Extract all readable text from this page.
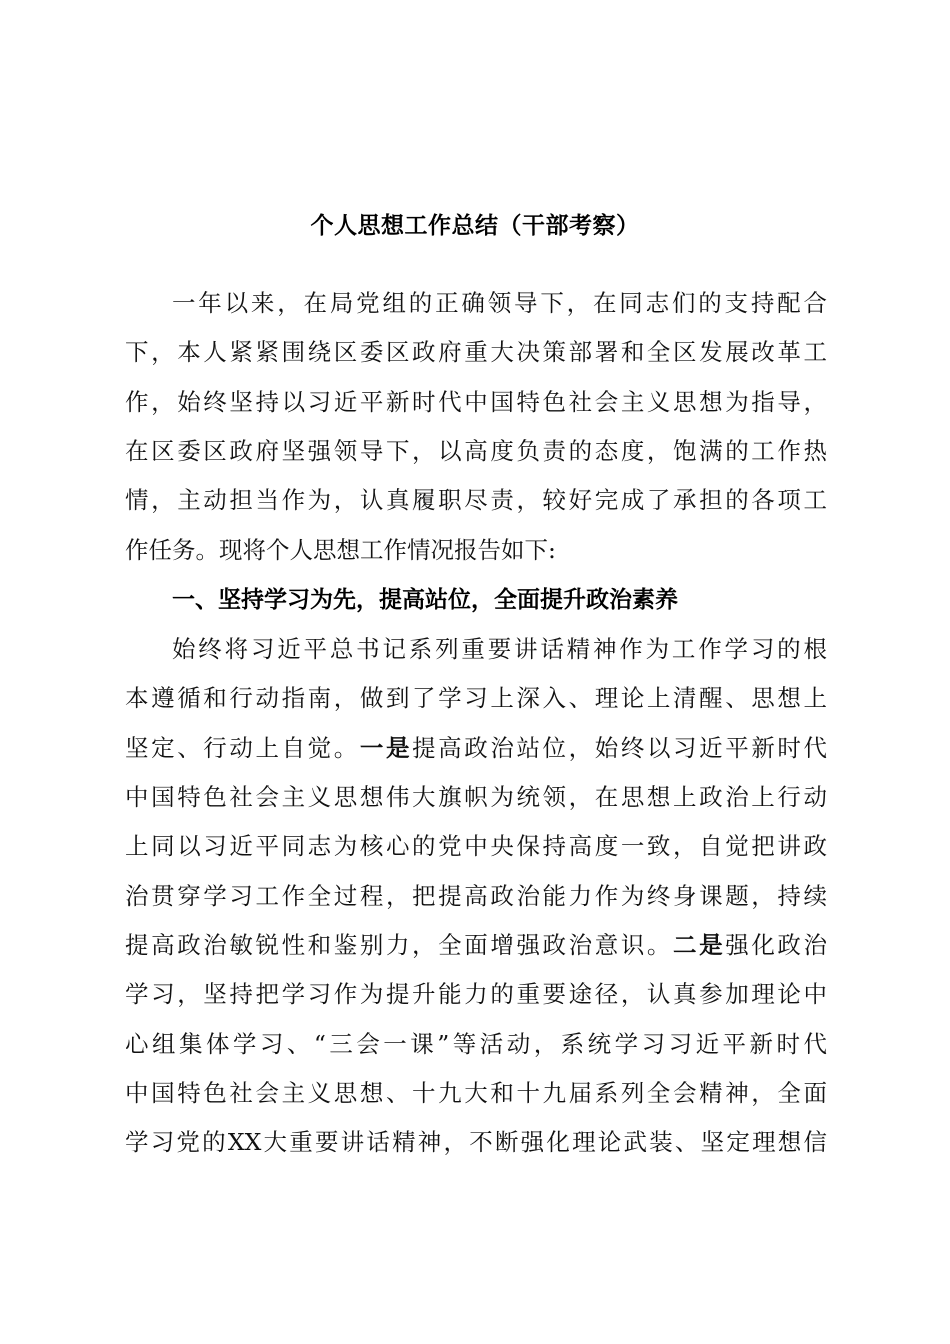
个人思想工作总结（干部考察）
一年以来，在局党组的正确领导下，在同志们的支持配合
下，本人紧紧围绕区委区政府重大决策部署和全区发展改革工
作，始终坚持以习近平新时代中国特色社会主义思想为指导，
在区委区政府坚强领导下，以高度负责的态度，饱满的工作热
情，主动担当作为，认真履职尽责，较好完成了承担的各项工
作任务。现将个人思想工作情况报告如下:
一、坚持学习为先，提高站位，全面提升政治素养
始终将习近平总书记系列重要讲话精神作为工作学习的根
本遵循和行动指南，做到了学习上深入、理论上清醒、思想上
坚定、行动上自觉。一是提高政治站位，始终以习近平新时代
中国特色社会主义思想伟大旗帜为统领，在思想上政治上行动
上同以习近平同志为核心的党中央保持高度一致，自觉把讲政
治贯穿学习工作全过程，把提高政治能力作为终身课题，持续
提高政治敏锐性和鉴别力，全面增强政治意识。二是强化政治
学习，坚持把学习作为提升能力的重要途径，认真参加理论中
心组集体学习、“三会一课”等活动，系统学习习近平新时代
中国特色社会主义思想、十九大和十九届系列全会精神，全面
学习党的XX大重要讲话精神，不断强化理论武装、坚定理想信
